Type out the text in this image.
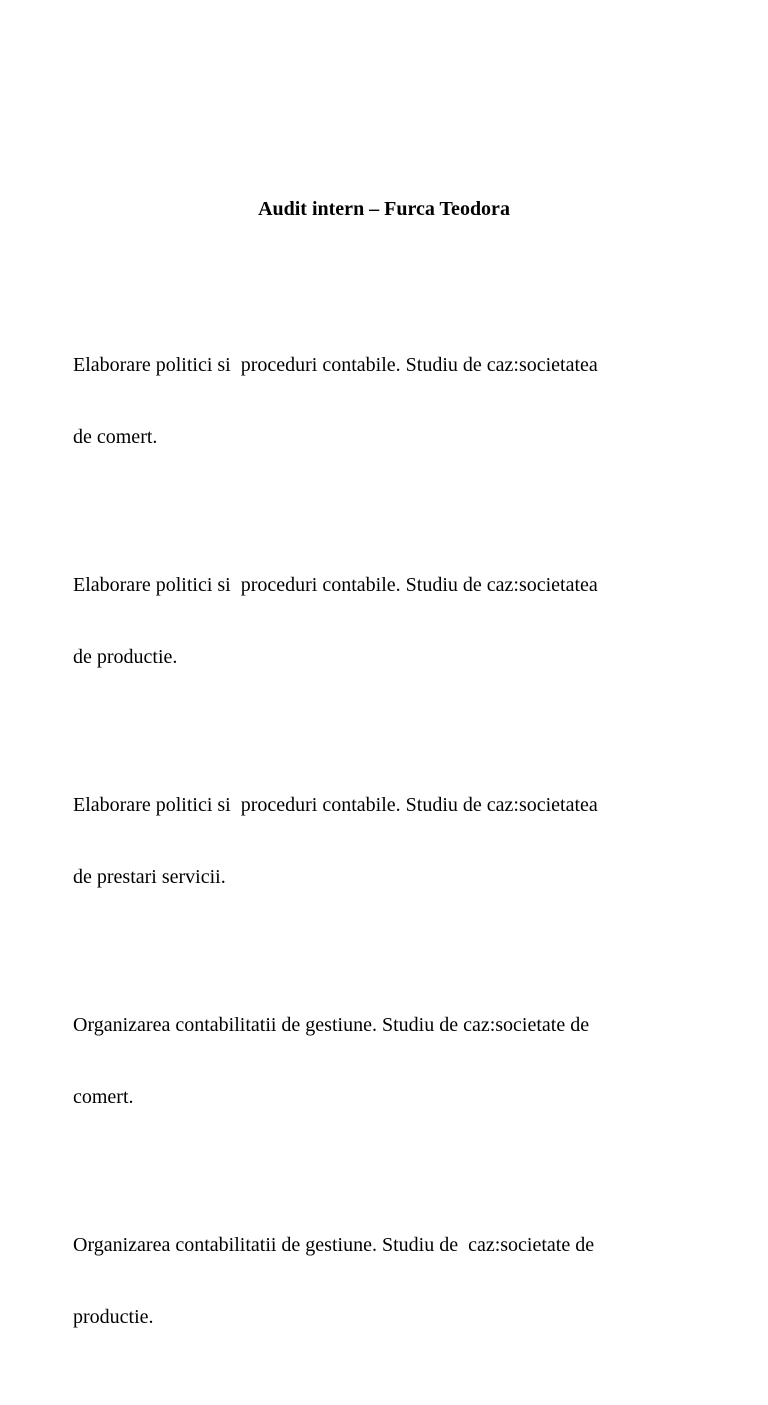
Audit intern – Furca Teodora

Elaborare politici si  proceduri contabile. Studiu de caz:societatea

de comert.

Elaborare politici si  proceduri contabile. Studiu de caz:societatea

de productie.

Elaborare politici si  proceduri contabile. Studiu de caz:societatea

de prestari servicii.

Organizarea contabilitatii de gestiune. Studiu de caz:societate de

comert.

Organizarea contabilitatii de gestiune. Studiu de  caz:societate de

productie.
